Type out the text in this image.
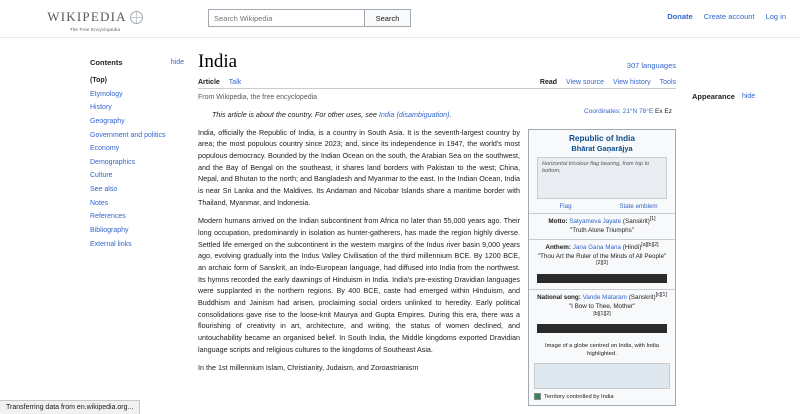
WIKIPEDIA
The Free Encyclopedia
Search Wikipedia
Search	Donate Create account Log in
Contents	hide
(Top)
Etymology
History
Geography
Government and politics
Economy
Demographics
Culture
See also
Notes
References
Bibliography
External links
India	307 languages
Article Talk	Read View source View history Tools
From Wikipedia, the free encyclopedia
Coordinates: 21°N 78°E Ex Ez
This article is about the country. For other uses, see India (disambiguation).

India, officially the Republic of India, is a country in South Asia. It is the seventh-largest country by area; the most populous country since 2023; and, since its independence in 1947, the world's most populous democracy. Bounded by the Indian Ocean on the south, the Arabian Sea on the southwest, and the Bay of Bengal on the southeast, it shares land borders with Pakistan to the west; China, Nepal, and Bhutan to the north; and Bangladesh and Myanmar to the east. In the Indian Ocean, India is near Sri Lanka and the Maldives. Its Andaman and Nicobar Islands share a maritime border with Thailand, Myanmar, and Indonesia.

Modern humans arrived on the Indian subcontinent from Africa no later than 55,000 years ago. Their long occupation, predominantly in isolation as hunter-gatherers, has made the region highly diverse. Settled life emerged on the subcontinent in the western margins of the Indus river basin 9,000 years ago, evolving gradually into the Indus Valley Civilisation of the third millennium BCE. By 1200 BCE, an archaic form of Sanskrit, an Indo-European language, had diffused into India from the northwest. Its hymns recorded the early dawnings of Hinduism in India. India's pre-existing Dravidian languages were supplanted in the northern regions. By 400 BCE, caste had emerged within Hinduism, and Buddhism and Jainism had arisen, proclaiming social orders unlinked to heredity. Early political consolidations gave rise to the loose-knit Maurya and Gupta Empires. During this era, there was a flourishing of creativity in art, architecture, and writing, the status of women declined, and untouchability became an organised belief. In South India, the Middle kingdoms exported Dravidian language scripts and religious cultures to the kingdoms of Southeast Asia.

In the 1st millennium Islam, Christianity, Judaism, and Zoroastrianism

Republic of India
Bhārat Gaṇarājya
Horizontal tricolour flag bearing, from top to bottom,
Flag	State emblem
Motto: Satyameva Jayate (Sanskrit)[1]
"Truth Alone Triumphs"
Anthem: Jana Gana Mana (Hindi)[a][b][2]
"Thou Art the Ruler of the Minds of All People"
[2][3]
National song: Vande Mataram (Sanskrit)[c][1]
"I Bow to Thee, Mother"
[b][1][2]
Image of a globe centred on India, with India highlighted.
Territory controlled by India
Appearance hide
Transferring data from en.wikipedia.org...
